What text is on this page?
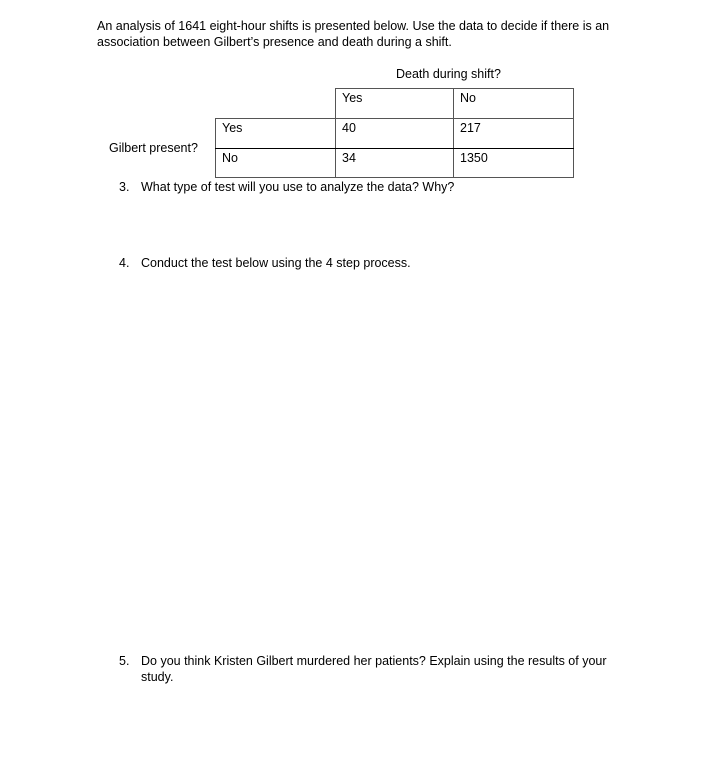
An analysis of 1641 eight-hour shifts is presented below. Use the data to decide if there is an association between Gilbert’s presence and death during a shift.

Death during shift?
Gilbert present?
	Yes	No
Yes	40	217
No	34	1350

3. What type of test will you use to analyze the data? Why?

4. Conduct the test below using the 4 step process.

5. Do you think Kristen Gilbert murdered her patients? Explain using the results of your study.
